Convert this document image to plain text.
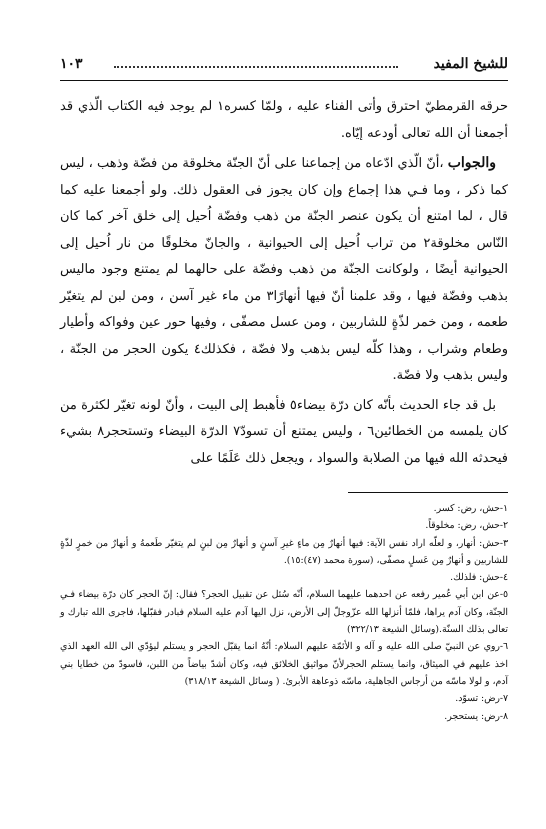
للشيخ المفيد
١٠٣

حرقه القرمطيّ احترق وأتى الفناء عليه ، ولمّا كسره١ لم يوجد فيه الكتاب الّذي قد أجمعنا أن الله تعالى أودعه إيّاه.

والجواب ،أنّ الّذي ادّعاه من إجماعنا على أنّ الجنّة مخلوقة من فضّة وذهب ، ليس كما ذكر ، وما فـي هذا إجماع وإن كان يجوز فى العقول ذلك. ولو أجمعنا عليه كما قال ، لما امتنع أن يكون عنصر الجنّة من ذهب وفضّة اُحيل إلى خلق آخر كما كان النّاس مخلوقة٢ من تراب اُحيل إلى الحيوانية ، والجانّ مخلوقًا من نار اُحيل إلى الحيوانية أيضًا ، ولوكانت الجنّة من ذهب وفضّة على حالهما لم يمتنع وجود ماليس بذهب وفضّة فيها ، وقد علمنا أنّ فيها أنهارًا٣ من ماء غير آسن ، ومن لبن لم يتغيّر طعمه ، ومن خمر لذّةٍ للشاربين ، ومن عسل مصفّى ، وفيها حور عين وفواكه وأطيار وطعام وشراب ، وهذا كلّه ليس بذهب ولا فضّة ، فكذلك٤ يكون الحجر من الجنّة ، وليس بذهب ولا فضّة.

بل قد جاء الحديث بأنّه كان درّة بيضاء٥ فأهبط إلى البيت ، وأنّ لونه تغيّر لكثرة من كان يلمسه من الخطائين٦ ، وليس يمتنع أن تسودّ٧ الدرّة البيضاء وتستحجر٨ بشيء فيحدثه الله فيها من الصلابة والسواد ، ويجعل ذلك عَلَمًا على

١-حش، رض: كسر.
٢-حش، رض: مخلوقاً.
٣-حش: أنهار، و لعلّه اراد نفس الآية: فيها أنهارٌ مِن ماءٍ غيرِ آسنٍ و أنهارٌ مِن لبنٍ لم يتغيّر طَعمهُ و أنهارٌ من خمرٍ لذّةٍ للشاربين و أنهارٌ مِن عَسلٍ مصفّى، (سورة محمد (٤٧):١٥).
٤-حش: فلذلك.
٥-عن ابن أبي عُمير رفعه عن احدهما عليهما السلام، أنّه سُئل عن تقبيل الحجر؟ فقال: إنّ الحجر كان درّة بيضاء فـي الجنّة، وكان آدم يراها، فلمّا أنزلها الله عزّوجلّ إلى الأرض، نزل اليها آدم عليه السلام فبادر فقبّلها، فاجرى الله تبارك و تعالى بذلك السنّة.(وسائل الشيعة ٣٢٢/١٣)
٦-روي عن النبيّ صلى الله عليه و آله و الأئمّة عليهم السلام: أنّهُ انما يقبّل الحجر و يستلم ليؤدّي الى الله العهد الذي اخذ عليهم في الميثاق، وانما يستلم الحجرلأنّ مواثيق الخلائق فيه، وكان أشدّ بياضاً من اللبن، فاسودّ من خطايا بني آدم، و لولا ماسّه من أرجاس الجاهلية، ماسّه ذوعاهة الأبرئ. ( وسائل الشيعة ٣١٨/١٣)
٧-رض: تسوّد.
٨-رض: يستحجر.
